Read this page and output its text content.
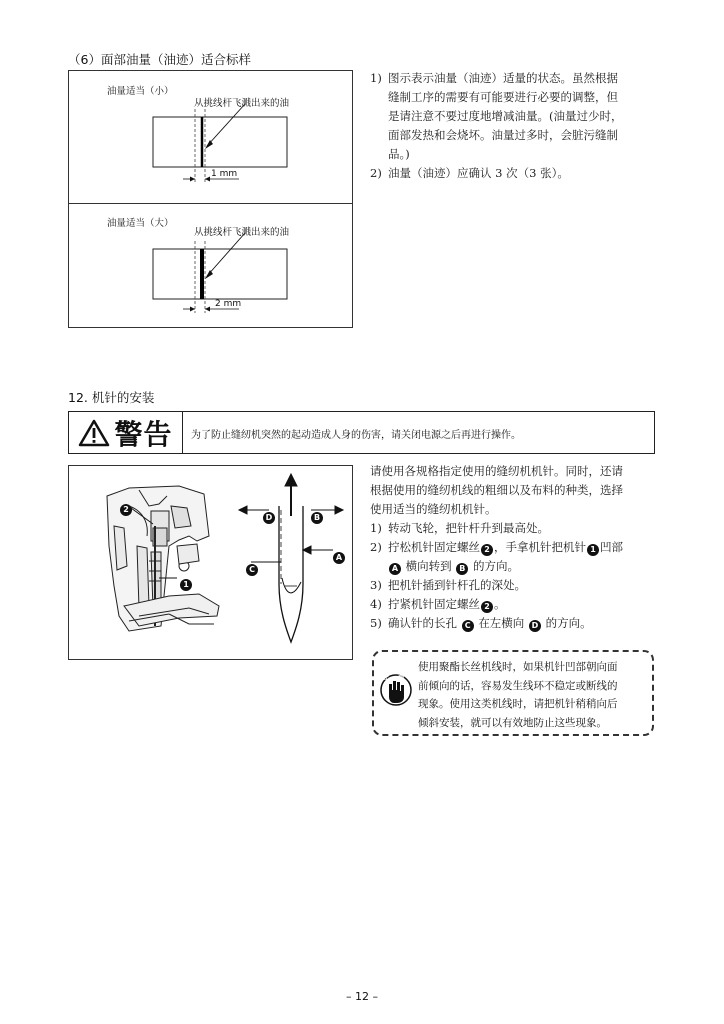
（6）面部油量（油迹）适合标样
油量适当（小）
从挑线杆飞溅出来的油
1 mm
油量适当（大）
从挑线杆飞溅出来的油
2 mm
1) 图示表示油量（油迹）适量的状态。虽然根据
缝制工序的需要有可能要进行必要的调整，但
是请注意不要过度地增减油量。(油量过少时，
面部发热和会烧坏。油量过多时，会脏污缝制
品。)
2) 油量（油迹）应确认 3 次（3 张）。
12. 机针的安装
警告 为了防止缝纫机突然的起动造成人身的伤害，请关闭电源之后再进行操作。
2
1
D	B
A
C
请使用各规格指定使用的缝纫机机针。同时，还请
根据使用的缝纫机线的粗细以及布料的种类，选择
使用适当的缝纫机机针。
1) 转动飞轮，把针杆升到最高处。
2) 拧松机针固定螺丝 2 ，手拿机针把机针 1 凹部
A 横向转到 B 的方向。
3) 把机针插到针杆孔的深处。
4) 拧紧机针固定螺丝 2 。
5) 确认针的长孔 C 在左横向 D 的方向。
注 意
使用聚酯长丝机线时，如果机针凹部朝向面
前倾向的话，容易发生线环不稳定或断线的
现象。使用这类机线时，请把机针稍稍向后
倾斜安装，就可以有效地防止这些现象。
– 12 –
